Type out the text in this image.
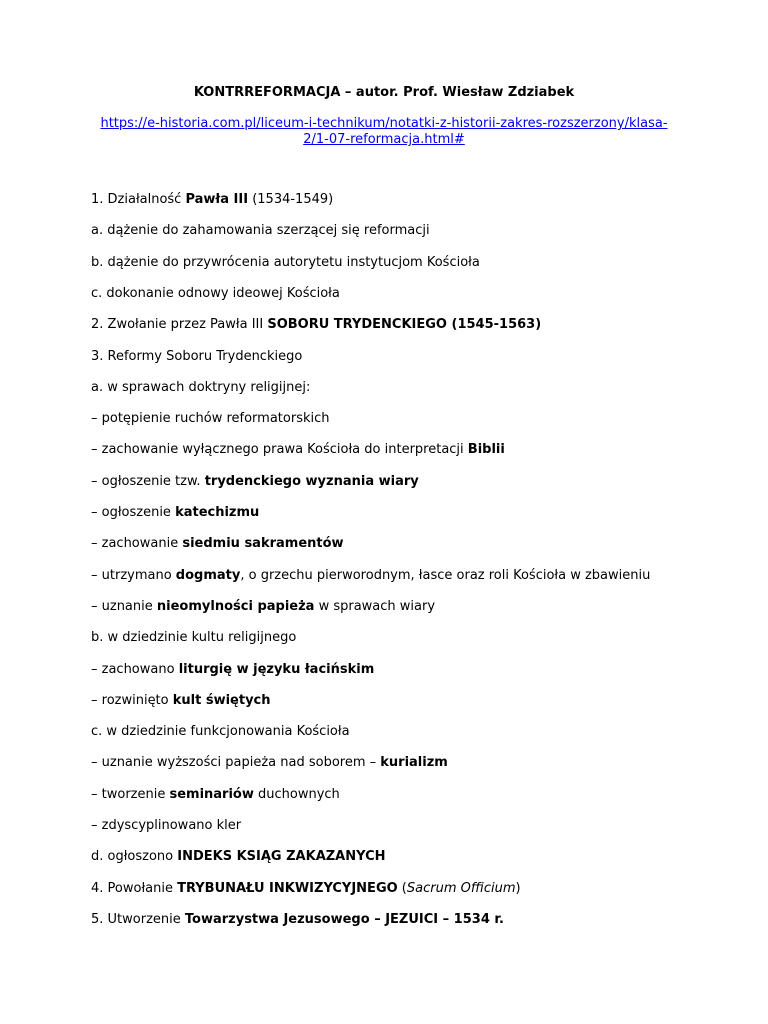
KONTRREFORMACJA – autor. Prof. Wiesław Zdziabek
https://e-historia.com.pl/liceum-i-technikum/notatki-z-historii-zakres-rozszerzony/klasa-
2/1-07-reformacja.html#
1. Działalność Pawła III (1534-1549)
a. dążenie do zahamowania szerzącej się reformacji
b. dążenie do przywrócenia autorytetu instytucjom Kościoła
c. dokonanie odnowy ideowej Kościoła
2. Zwołanie przez Pawła III SOBORU TRYDENCKIEGO (1545-1563)
3. Reformy Soboru Trydenckiego
a. w sprawach doktryny religijnej:
– potępienie ruchów reformatorskich
– zachowanie wyłącznego prawa Kościoła do interpretacji Biblii
– ogłoszenie tzw. trydenckiego wyznania wiary
– ogłoszenie katechizmu
– zachowanie siedmiu sakramentów
– utrzymano dogmaty, o grzechu pierworodnym, łasce oraz roli Kościoła w zbawieniu
– uznanie nieomylności papieża w sprawach wiary
b. w dziedzinie kultu religijnego
– zachowano liturgię w języku łacińskim
– rozwinięto kult świętych
c. w dziedzinie funkcjonowania Kościoła
– uznanie wyższości papieża nad soborem – kurializm
– tworzenie seminariów duchownych
– zdyscyplinowano kler
d. ogłoszono INDEKS KSIĄG ZAKAZANYCH
4. Powołanie TRYBUNAŁU INKWIZYCYJNEGO (Sacrum Officium)
5. Utworzenie Towarzystwa Jezusowego – JEZUICI – 1534 r.
